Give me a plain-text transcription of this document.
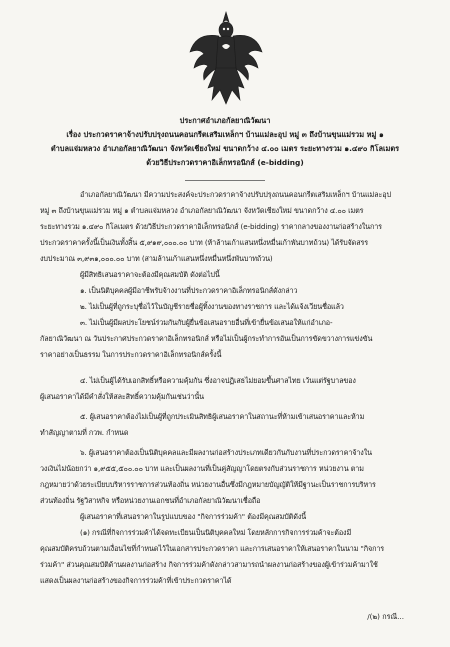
ประกาศอำเภอกัลยาณิวัฒนา
เรื่อง ประกวดราคาจ้างปรับปรุงถนนคอนกรีตเสริมเหล็กฯ บ้านแม่ละอุป หมู่ ๓ ถึงบ้านขุนแม่รวม หมู่ ๑
ตำบลแจ่มหลวง อำเภอกัลยาณิวัฒนา จังหวัดเชียงใหม่ ขนาดกว้าง ๔.๐๐ เมตร ระยะทางรวม ๑.๔๙๐ กิโลเมตร
ด้วยวิธีประกวดราคาอิเล็กทรอนิกส์ (e-bidding)
อำเภอกัลยาณิวัฒนา มีความประสงค์จะประกวดราคาจ้างปรับปรุงถนนคอนกรีตเสริมเหล็กฯ บ้านแม่ละอุป
หมู่ ๓ ถึงบ้านขุนแม่รวม หมู่ ๑ ตำบลแจ่มหลวง อำเภอกัลยาณิวัฒนา จังหวัดเชียงใหม่ ขนาดกว้าง ๔.๐๐ เมตร
ระยะทางรวม ๑.๔๙๐ กิโลเมตร ด้วยวิธีประกวดราคาอิเล็กทรอนิกส์ (e-bidding) ราคากลางของงานก่อสร้างในการ
ประกวดราคาครั้งนี้เป็นเงินทั้งสิ้น ๕,๙๑๙,๐๐๐.๐๐ บาท (ห้าล้านเก้าแสนหนึ่งหมื่นเก้าพันบาทถ้วน) ได้รับจัดสรร
งบประมาณ ๓,๙๓๑,๐๐๐.๐๐ บาท (สามล้านเก้าแสนหนึ่งหมื่นหนึ่งพันบาทถ้วน)
ผู้มีสิทธิเสนอราคาจะต้องมีคุณสมบัติ ดังต่อไปนี้
๑. เป็นนิติบุคคลผู้มีอาชีพรับจ้างงานที่ประกวดราคาอิเล็กทรอนิกส์ดังกล่าว
๒. ไม่เป็นผู้ที่ถูกระบุชื่อไว้ในบัญชีรายชื่อผู้ทิ้งงานของทางราชการ และได้แจ้งเวียนชื่อแล้ว
๓. ไม่เป็นผู้มีผลประโยชน์ร่วมกันกับผู้ยื่นข้อเสนอรายอื่นที่เข้ายื่นข้อเสนอให้แก่อำเภอ-
กัลยาณิวัฒนา ณ วันประกาศประกวดราคาอิเล็กทรอนิกส์ หรือไม่เป็นผู้กระทำการอันเป็นการขัดขวางการแข่งขัน
ราคาอย่างเป็นธรรม ในการประกวดราคาอิเล็กทรอนิกส์ครั้งนี้
๔. ไม่เป็นผู้ได้รับเอกสิทธิ์หรือความคุ้มกัน ซึ่งอาจปฏิเสธไม่ยอมขึ้นศาลไทย เว้นแต่รัฐบาลของ
ผู้เสนอราคาได้มีคำสั่งให้สละสิทธิ์ความคุ้มกันเช่นว่านั้น
๕. ผู้เสนอราคาต้องไม่เป็นผู้ที่ถูกประเมินสิทธิผู้เสนอราคาในสถานะที่ห้ามเข้าเสนอราคาและห้าม
ทำสัญญาตามที่ กวพ. กำหนด
๖. ผู้เสนอราคาต้องเป็นนิติบุคคลและมีผลงานก่อสร้างประเภทเดียวกันกับงานที่ประกวดราคาจ้างใน
วงเงินไม่น้อยกว่า ๑,๙๕๕,๕๐๐.๐๐ บาท และเป็นผลงานที่เป็นคู่สัญญาโดยตรงกับส่วนราชการ หน่วยงาน ตาม
กฎหมายว่าด้วยระเบียบบริหารราชการส่วนท้องถิ่น หน่วยงานอื่นซึ่งมีกฎหมายบัญญัติให้มีฐานะเป็นราชการบริหาร
ส่วนท้องถิ่น รัฐวิสาหกิจ หรือหน่วยงานเอกชนที่อำเภอกัลยาณิวัฒนาเชื่อถือ
ผู้เสนอราคาที่เสนอราคาในรูปแบบของ "กิจการร่วมค้า" ต้องมีคุณสมบัติดังนี้
(๑) กรณีที่กิจการร่วมค้าได้จดทะเบียนเป็นนิติบุคคลใหม่ โดยหลักการกิจการร่วมค้าจะต้องมี
คุณสมบัติครบถ้วนตามเงื่อนไขที่กำหนดไว้ในเอกสารประกวดราคา และการเสนอราคาให้เสนอราคาในนาม "กิจการ
ร่วมค้า" ส่วนคุณสมบัติด้านผลงานก่อสร้าง กิจการร่วมค้าดังกล่าวสามารถนำผลงานก่อสร้างของผู้เข้าร่วมค้ามาใช้
แสดงเป็นผลงานก่อสร้างของกิจการร่วมค้าที่เข้าประกวดราคาได้
/(๒) กรณี...
